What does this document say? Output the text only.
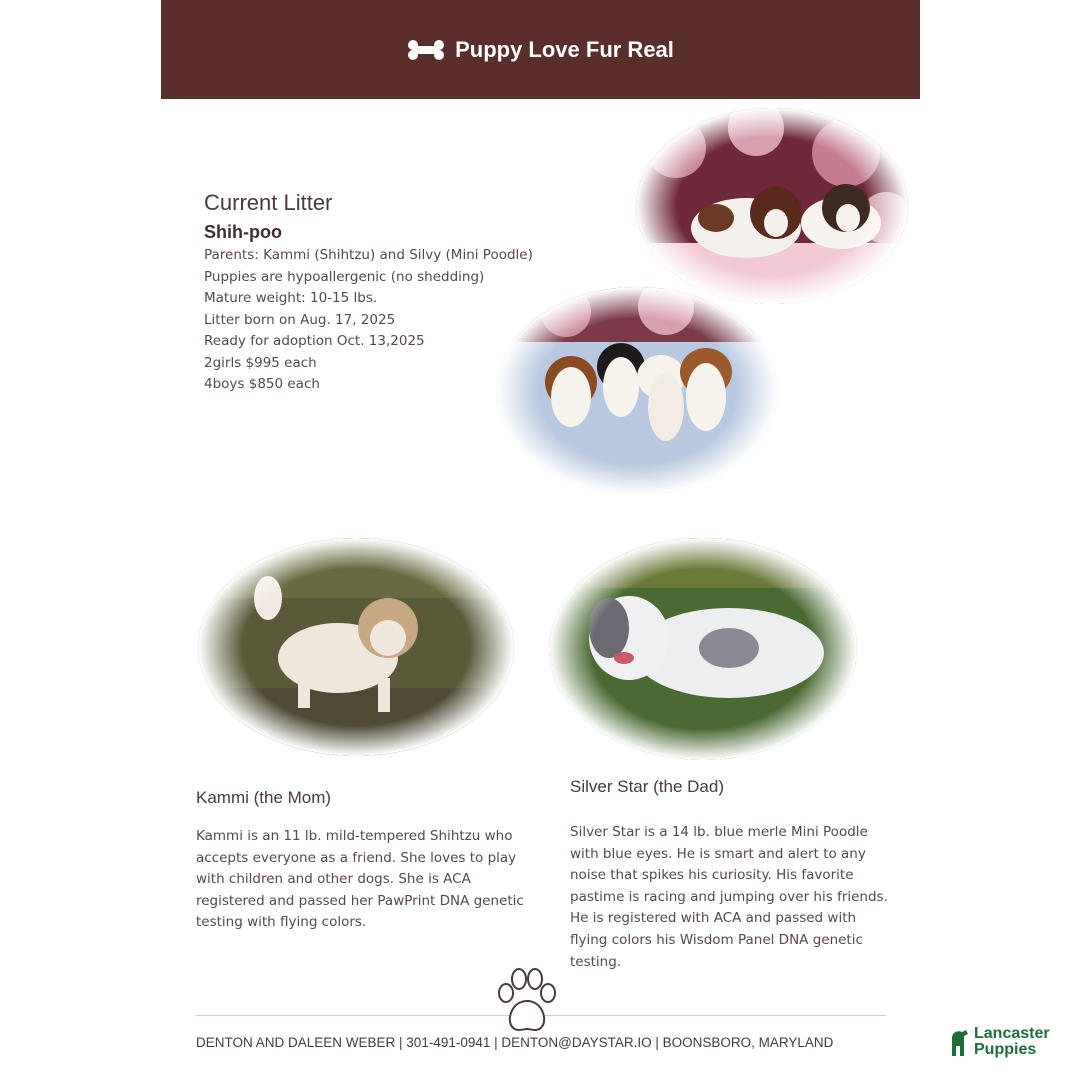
Puppy Love Fur Real
Current Litter
Shih-poo
Parents: Kammi (Shihtzu) and Silvy (Mini Poodle)
Puppies are hypoallergenic (no shedding)
Mature weight: 10-15 lbs.
Litter born on Aug. 17, 2025
Ready for adoption Oct. 13,2025
2girls $995 each
4boys $850 each
Kammi (the Mom)
Kammi is an 11 lb. mild-tempered Shihtzu who accepts everyone as a friend. She loves to play with children and other dogs. She is ACA registered and passed her PawPrint DNA genetic testing with flying colors.
Silver Star (the Dad)
Silver Star is a 14 lb. blue merle Mini Poodle with blue eyes. He is smart and alert to any noise that spikes his curiosity. His favorite pastime is racing and jumping over his friends. He is registered with ACA and passed with flying colors his Wisdom Panel DNA genetic testing.
DENTON AND DALEEN WEBER | 301-491-0941 | DENTON@DAYSTAR.IO | BOONSBORO, MARYLAND
Lancaster
Puppies
